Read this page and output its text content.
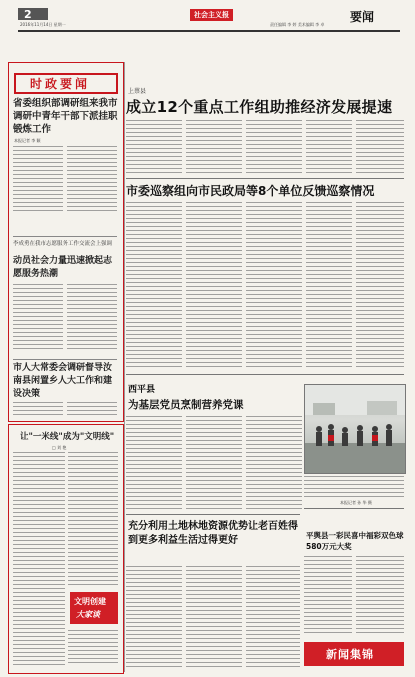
2
2016年11月14日 星期一
社会主义报
责任编辑 李 婷 美术编辑 李 卓
要闻
时政要闻
省委组织部调研组来我市调研中青年干部下派挂职锻炼工作
本报记者 李 颖
李成勇在我市志愿服务工作交流会上强调
动员社会力量迅速掀起志愿服务热潮
市人大常委会调研督导汝南县闲置乡人大工作和建设决策
让"一米线"成为"文明线"
□ 刘 艳
文明创建
大家谈
上蔡县
成立12个重点工作组助推经济发展提速
市委巡察组向市民政局等8个单位反馈巡察情况
西平县
为基层党员烹制营养党课
本报记者 孙 华 摄
充分利用土地林地资源优势让老百姓得到更多利益生活过得更好	平舆县一彩民喜中福彩双色球580万元大奖
新闻集锦
